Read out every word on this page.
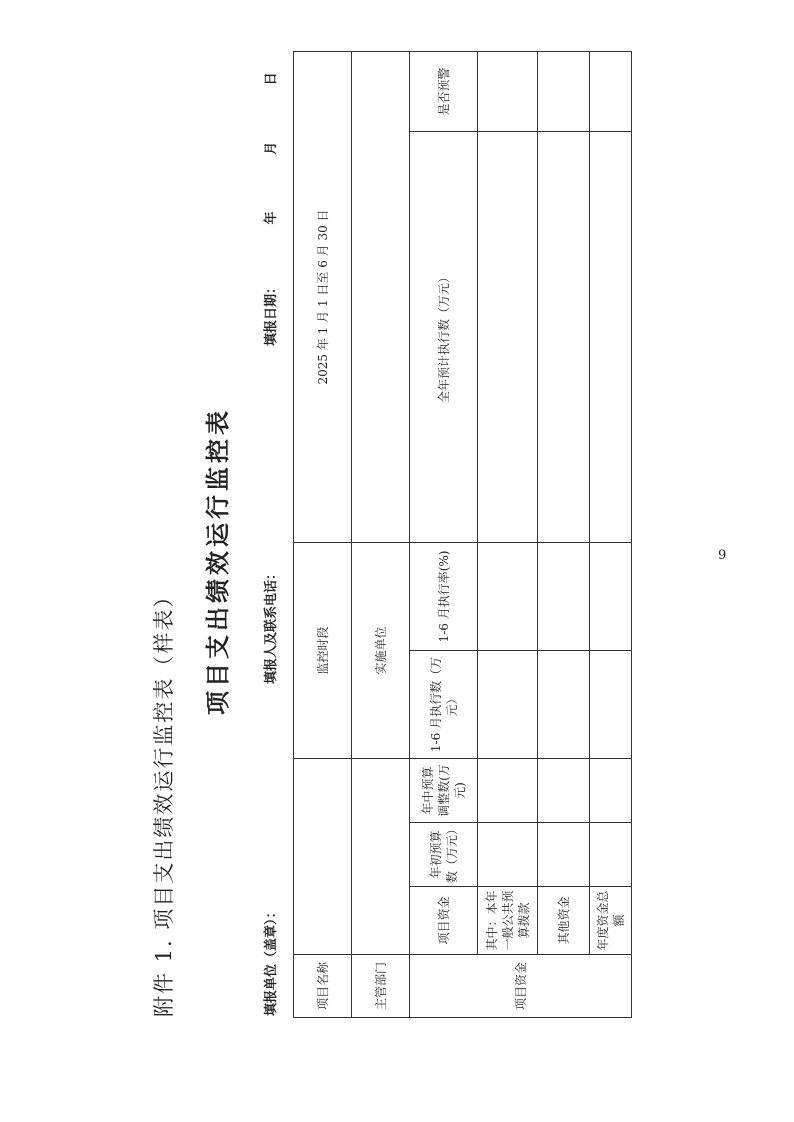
附件 1. 项目支出绩效运行监控表（样表）
项目支出绩效运行监控表
填报单位（盖章）：
填报人及联系电话：
填报日期： 年 月 日
项目名称				监控时段		2025 年 1 月 1 日至 6 月 30 日	
主管部门				实施单位			
项目资金	项目资金	年初预算数（万元）	年中预算调整数(万元)	1-6 月执行数（万元）	1-6 月执行率(%)	全年预计执行数（万元）	是否预警
	其中：本年一般公共预算拨款						
	其他资金						
	年度资金总额						
9
